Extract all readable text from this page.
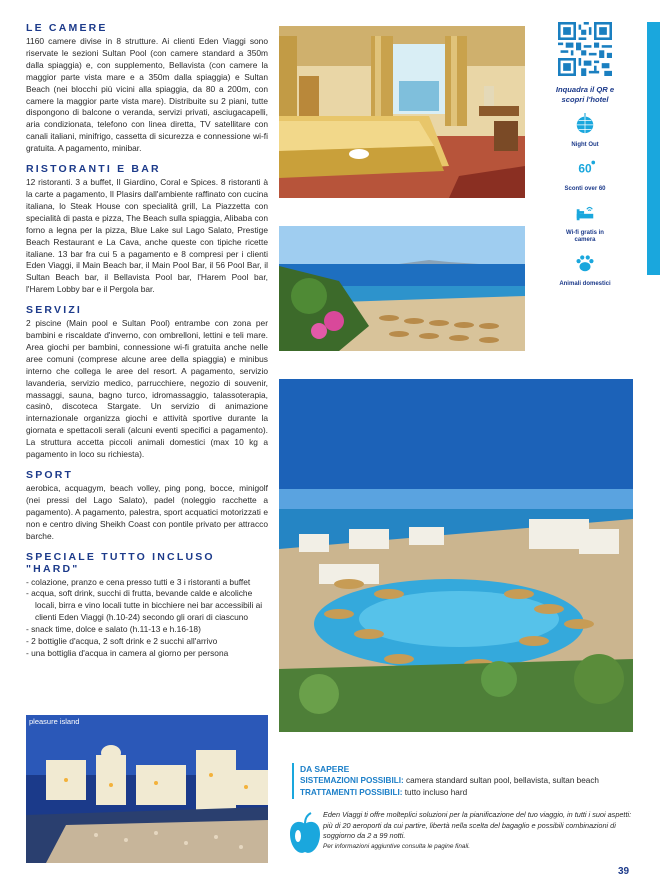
LE CAMERE

1160 camere divise in 8 strutture. Ai clienti Eden Viaggi sono riservate le sezioni Sultan Pool (con camere standard a 350m dalla spiaggia) e, con supplemento, Bellavista (con camere la maggior parte vista mare e a 350m dalla spiaggia) e Sultan Beach (nei blocchi più vicini alla spiaggia, da 80 a 200m, con camere la maggior parte vista mare). Distribuite su 2 piani, tutte dispongono di balcone o veranda, servizi privati, asciugacapelli, aria condizionata, telefono con linea diretta, TV satellitare con canali italiani, minifrigo, cassetta di sicurezza e connessione wi-fi gratuita. A pagamento, minibar.

RISTORANTI E BAR

12 ristoranti. 3 a buffet, Il Giardino, Coral e Spices. 8 ristoranti à la carte a pagamento, Il Plasirs dall'ambiente raffinato con cucina italiana, lo Steak House con specialità grill, La Piazzetta con specialità di pasta e pizza, The Beach sulla spiaggia, Alibaba con forno a legna per la pizza, Blue Lake sul Lago Salato, Prestige Beach Restaurant e La Cava, anche queste con tipiche ricette italiane. 13 bar fra cui 5 a pagamento e 8 compresi per i clienti Eden Viaggi, il Main Beach bar, il Main Pool Bar, il 56 Pool Bar, il Sultan Beach bar, il Bellavista Pool bar, l'Harem Pool bar, l'Harem Lobby bar e il Pergola bar.

SERVIZI

2 piscine (Main pool e Sultan Pool) entrambe con zona per bambini e riscaldate d'inverno, con ombrelloni, lettini e teli mare. Area giochi per bambini, connessione wi-fi gratuita anche nelle aree comuni (comprese alcune aree della spiaggia) e minibus interno che collega le aree del resort. A pagamento, servizio lavanderia, servizio medico, parrucchiere, negozio di souvenir, massaggi, sauna, bagno turco, idromassaggio, talassoterapia, casinò, discoteca Stargate. Un servizio di animazione internazionale organizza giochi e attività sportive durante la giornata e spettacoli serali (alcuni eventi specifici a pagamento). La struttura accetta piccoli animali domestici (max 10 kg a pagamento in loco su richiesta).

SPORT

aerobica, acquagym, beach volley, ping pong, bocce, minigolf (nei pressi del Lago Salato), padel (noleggio racchette a pagamento). A pagamento, palestra, sport acquatici motorizzati e non e centro diving Sheikh Coast con pontile privato per attracco barche.

SPECIALE TUTTO INCLUSO "HARD"
- colazione, pranzo e cena presso tutti e 3 i ristoranti a buffet
- acqua, soft drink, succhi di frutta, bevande calde e alcoliche locali, birra e vino locali tutte in bicchiere nei bar accessibili ai clienti Eden Viaggi (h.10-24) secondo gli orari di ciascuno
- snack time, dolce e salato (h.11-13 e h.16-18)
- 2 bottiglie d'acqua, 2 soft drink e 2 succhi all'arrivo
- una bottiglia d'acqua in camera al giorno per persona
pleasure island
Inquadra il QR e scopri l'hotel
Night Out
60
Sconti over 60
Wi-fi gratis in camera
Animali domestici
DA SAPERE
SISTEMAZIONI POSSIBILI: camera standard sultan pool, bellavista, sultan beach
TRATTAMENTI POSSIBILI: tutto incluso hard
Eden Viaggi ti offre molteplici soluzioni per la pianificazione del tuo viaggio, in tutti i suoi aspetti: più di 20 aeroporti da cui partire, libertà nella scelta del bagaglio e possibili combinazioni di soggiorno da 2 a 99 notti.
Per informazioni aggiuntive consulta le pagine finali.
39
